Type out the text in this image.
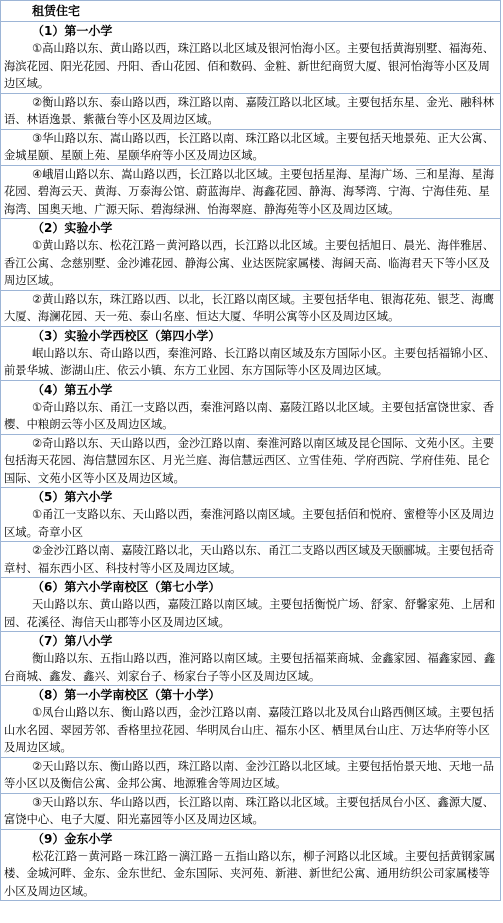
租赁住宅
（1）第一小学
①高山路以东、黄山路以西，珠江路以北区域及银河怡海小区。主要包括黄海别墅、福海苑、海滨花园、阳光花园、丹阳、香山花园、佰和数码、金粧、新世纪商贸大厦、银河怡海等小区及周边区域。
②衡山路以东、泰山路以西，珠江路以南、嘉陵江路以北区域。主要包括东星、金光、融科林语、林语逸景、紫薇台等小区及周边区域。
③华山路以东、嵩山路以西，长江路以南、珠江路以北区域。主要包括天地景苑、正大公寓、金城星颐、星颐上苑、星颐华府等小区及周边区域。
④峨眉山路以东、嵩山路以西，长江路以北区域。主要包括星海、星海广场、三和星海、星海花园、碧海云天、黄海、万泰海公馆、蔚蓝海岸、海鑫花园、静海、海琴湾、宁海、宁海佳苑、星海湾、国奥天地、广源天际、碧海绿洲、怡海翠庭、静海苑等小区及周边区域。
（2）实验小学
①黄山路以东、松花江路－黄河路以西，长江路以北区域。主要包括旭日、晨光、海伴雅居、香江公寓、念慈别墅、金沙滩花园、静海公寓、业达医院家属楼、海阔天高、临海君天下等小区及周边区域。
②黄山路以东，珠江路以西、以北，长江路以南区域。主要包括华电、银海花苑、银芝、海鹰大厦、海澜花园、天一苑、泰山名座、恒达大厦、华明公寓等小区及周边区域。
（3）实验小学西校区（第四小学）
岷山路以东、奇山路以西，秦淮河路、长江路以南区域及东方国际小区。主要包括福锦小区、前景华城、澎湖山庄、依云小镇、东方工业园、东方国际等小区及周边区域。
（4）第五小学
①奇山路以东、甬江一支路以西，秦淮河路以南、嘉陵江路以北区域。主要包括富饶世家、香樱、中粮朗云等小区及周边区域。
②奇山路以东、天山路以西，金沙江路以南、秦淮河路以南区域及昆仑国际、文苑小区。主要包括海天花园、海信慧园东区、月光兰庭、海信慧远西区、立雪佳苑、学府西院、学府佳苑、昆仑国际、文苑小区等小区及周边区域。
（5）第六小学
①甬江一支路以东、天山路以西，秦淮河路以南区域。主要包括佰和悦府、蜜橙等小区及周边区域。奇章小区
②金沙江路以南、嘉陵江路以北，天山路以东、甬江二支路以西区域及天颐郦城。主要包括奇章村、福东西小区、科技村等小区及周边区域。
（6）第六小学南校区（第七小学）
天山路以东、黄山路以西，嘉陵江路以南区域。主要包括衡悦广场、舒家、舒馨家苑、上居和园、花溪径、海信天山郡等小区及周边区域。
（7）第八小学
衡山路以东、五指山路以西，淮河路以南区域。主要包括福莱商城、金鑫家园、福鑫家园、鑫台商城、鑫发、鑫兴、刘家台子、杨家台子等小区及周边区域。
（8）第一小学南校区（第十小学）
①凤台山路以东、衡山路以西，金沙江路以南、嘉陵江路以北及凤台山路西侧区域。主要包括山水名园、翠园芳邻、香格里拉花园、华明凤台山庄、福东小区、栖里凤台山庄、万达华府等小区及周边区域。
②天山路以东、衡山路以西，珠江路以南、金沙江路以北区域。主要包括怡景天地、天地一品等小区以及衡信公寓、金邦公寓、地源雅舍等周边区域。
③天山路以东、华山路以西，长江路以南、珠江路以北区域。主要包括凤台小区、鑫源大厦、富饶中心、电子大厦、阳光嘉园等小区及周边区域。
（9）金东小学
松花江路－黄河路－珠江路－漓江路－五指山路以东，柳子河路以北区域。主要包括黄钢家属楼、金城河畔、金东、金东世纪、金东国际、夹河苑、新港、新世纪公寓、通用纺织公司家属楼等小区及周边区域。
